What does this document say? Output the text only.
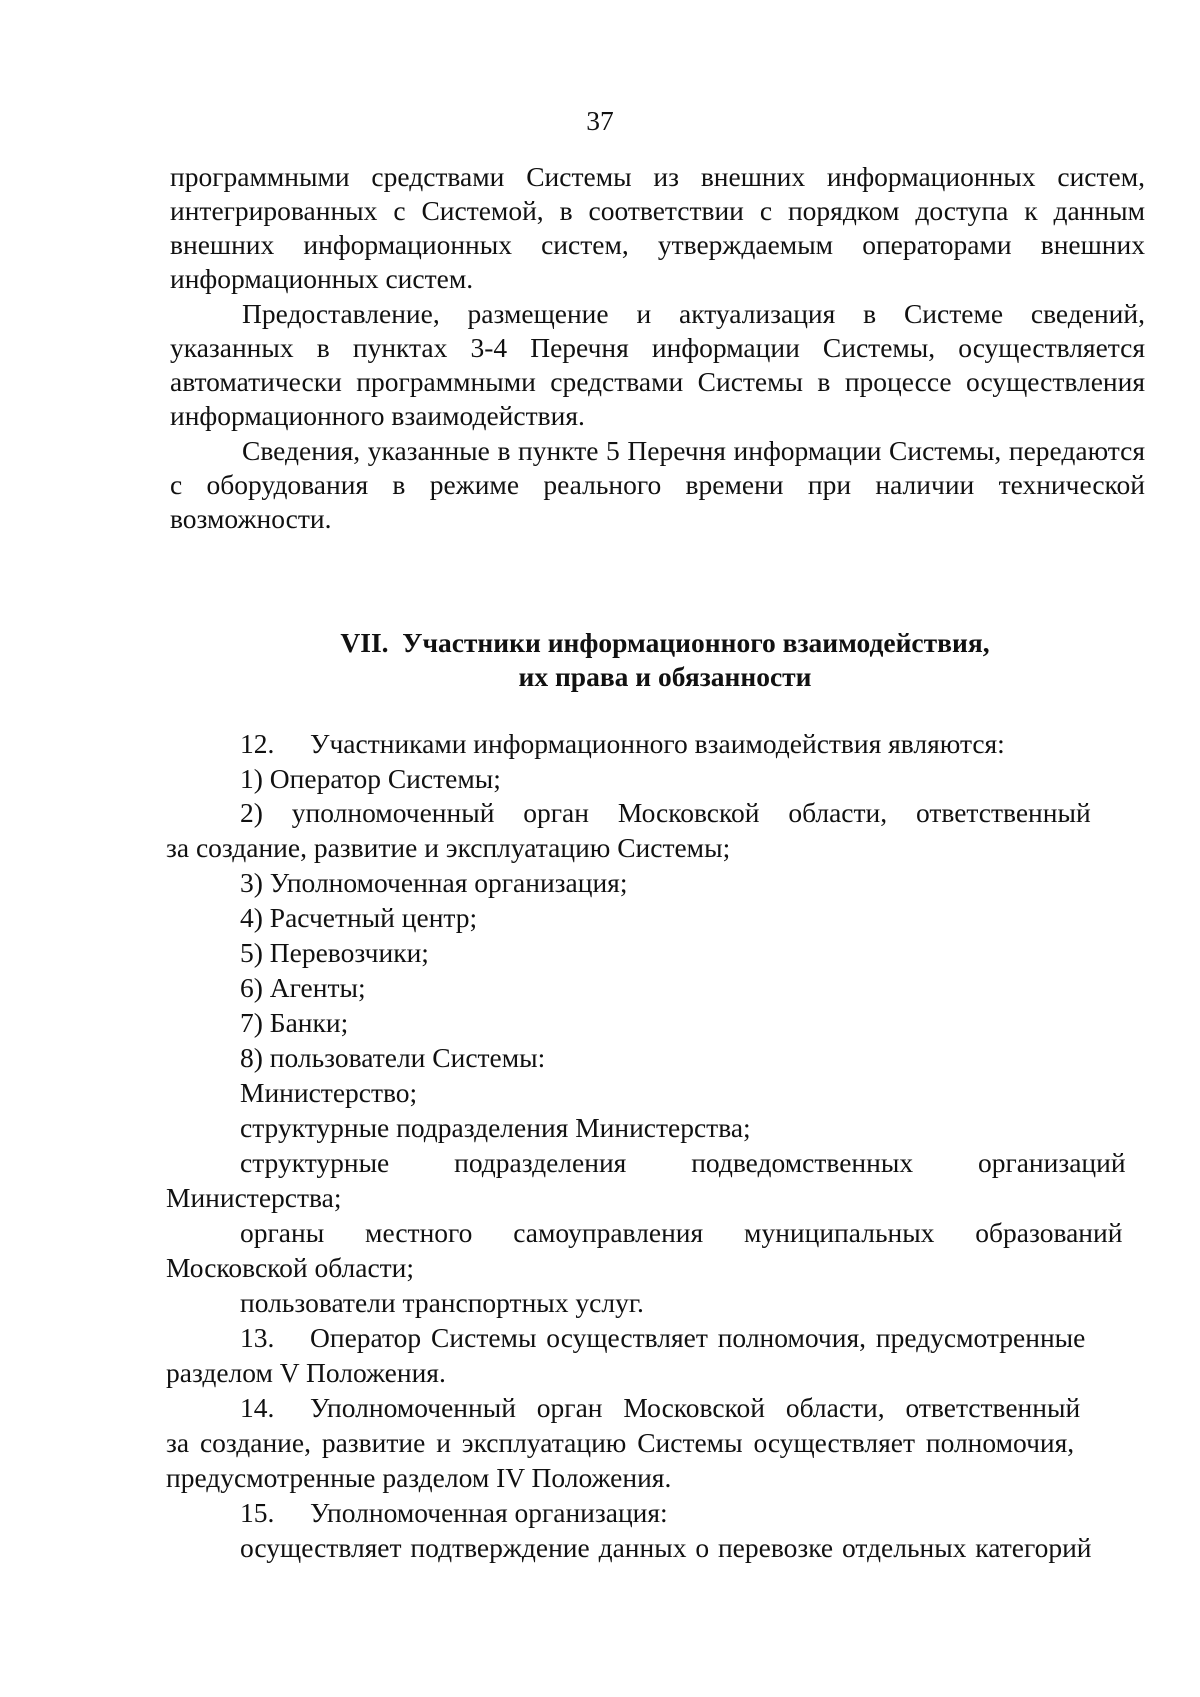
37

программными средствами Системы из внешних информационных систем, интегрированных с Системой, в соответствии с порядком доступа к данным внешних информационных систем, утверждаемым операторами внешних информационных систем.

Предоставление, размещение и актуализация в Системе сведений, указанных в пунктах 3-4 Перечня информации Системы, осуществляется автоматически программными средствами Системы в процессе осуществления информационного взаимодействия.

Сведения, указанные в пункте 5 Перечня информации Системы, передаются с оборудования в режиме реального времени при наличии технической возможности.

VII.  Участники информационного взаимодействия,
их права и обязанности
12. Участниками информационного взаимодействия являются:
1) Оператор Системы;
2) уполномоченный орган Московской области, ответственный
за создание, развитие и эксплуатацию Системы;
3) Уполномоченная организация;
4) Расчетный центр;
5) Перевозчики;
6) Агенты;
7) Банки;
8) пользователи Системы:
Министерство;
структурные подразделения Министерства;
структурные подразделения подведомственных организаций
Министерства;
органы местного самоуправления муниципальных образований
Московской области;
пользователи транспортных услуг.
13. Оператор Системы осуществляет полномочия, предусмотренные
разделом V Положения.
14. Уполномоченный орган Московской области, ответственный
за создание, развитие и эксплуатацию Системы осуществляет полномочия,
предусмотренные разделом IV Положения.
15. Уполномоченная организация:
осуществляет подтверждение данных о перевозке отдельных категорий
